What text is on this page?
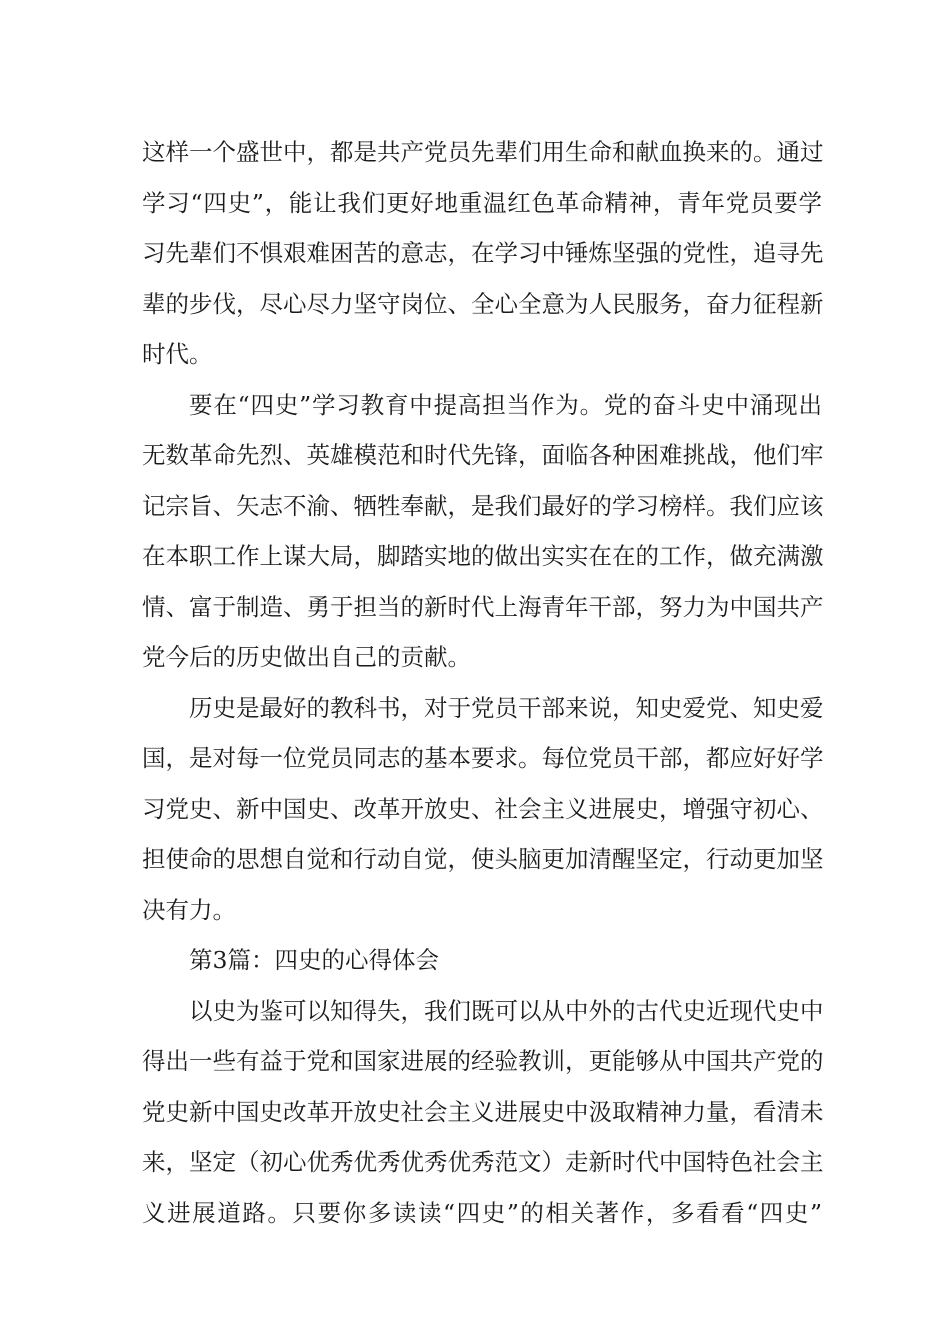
这样一个盛世中，都是共产党员先辈们用生命和献血换来的。通过
学习“四史”，能让我们更好地重温红色革命精神，青年党员要学
习先辈们不惧艰难困苦的意志，在学习中锤炼坚强的党性，追寻先
辈的步伐，尽心尽力坚守岗位、全心全意为人民服务，奋力征程新
时代。
要在“四史”学习教育中提高担当作为。党的奋斗史中涌现出
无数革命先烈、英雄模范和时代先锋，面临各种困难挑战，他们牢
记宗旨、矢志不渝、牺牲奉献，是我们最好的学习榜样。我们应该
在本职工作上谋大局，脚踏实地的做出实实在在的工作，做充满激
情、富于制造、勇于担当的新时代上海青年干部，努力为中国共产
党今后的历史做出自己的贡献。
历史是最好的教科书，对于党员干部来说，知史爱党、知史爱
国，是对每一位党员同志的基本要求。每位党员干部，都应好好学
习党史、新中国史、改革开放史、社会主义进展史，增强守初心、
担使命的思想自觉和行动自觉，使头脑更加清醒坚定，行动更加坚
决有力。
第3篇：四史的心得体会
以史为鉴可以知得失，我们既可以从中外的古代史近现代史中
得出一些有益于党和国家进展的经验教训，更能够从中国共产党的
党史新中国史改革开放史社会主义进展史中汲取精神力量，看清未
来，坚定（初心优秀优秀优秀优秀范文）走新时代中国特色社会主
义进展道路。只要你多读读“四史”的相关著作，多看看“四史”
